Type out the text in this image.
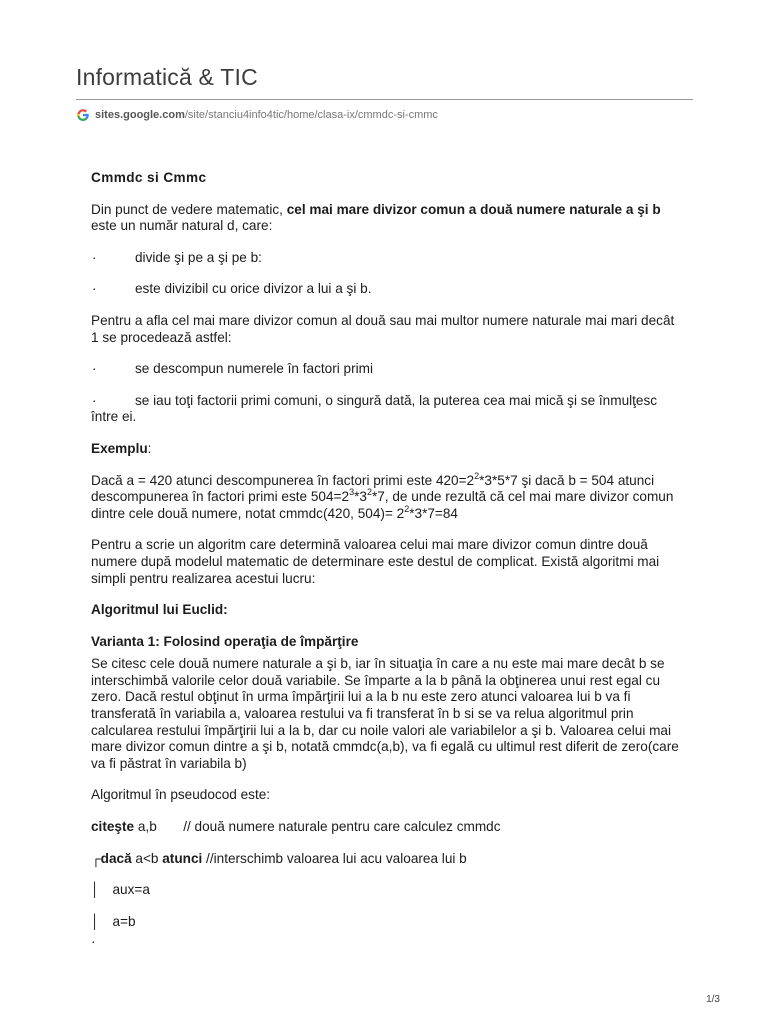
Informatică & TIC
sites.google.com /site/stanciu4info4tic/home/clasa-ix/cmmdc-si-cmmc

Cmmdc si Cmmc

Din punct de vedere matematic, cel mai mare divizor comun a două numere naturale a şi b este un număr natural d, care:

·	divide şi pe a şi pe b:
·	este divizibil cu orice divizor a lui a şi b.

Pentru a afla cel mai mare divizor comun al două sau mai multor numere naturale mai mari decât 1 se procedează astfel:

·	se descompun numerele în factori primi
·	se iau toţi factorii primi comuni, o singură dată, la puterea cea mai mică şi se înmulţesc între ei.

Exemplu:

Dacă a = 420 atunci descompunerea în factori primi este $420=2^2*3*5*7$ şi dacă b = 504 atunci descompunerea în factori primi este $504=2^3*3^2*7$, de unde rezultă că cel mai mare divizor comun dintre cele două numere, notat cmmdc(420, $504)= 2^2*3*7=84$

Pentru a scrie un algoritm care determină valoarea celui mai mare divizor comun dintre două numere după modelul matematic de determinare este destul de complicat. Există algoritmi mai simpli pentru realizarea acestui lucru:

Algoritmul lui Euclid:

Varianta 1: Folosind operaţia de împărţire

Se citesc cele două numere naturale a şi b, iar în situaţia în care a nu este mai mare decât b se interschimbă valorile celor două variabile. Se împarte a la b până la obţinerea unui rest egal cu zero. Dacă restul obţinut în urma împărţirii lui a la b nu este zero atunci valoarea lui b va fi transferată în variabila a, valoarea restului va fi transferat în b si se va relua algoritmul prin calcularea restului împărţirii lui a la b, dar cu noile valori ale variabilelor a şi b. Valoarea celui mai mare divizor comun dintre a şi b, notată cmmdc(a,b), va fi egală cu ultimul rest diferit de zero(care va fi păstrat în variabila b)

Algoritmul în pseudocod este:

citeşte a,b       // două numere naturale pentru care calculez cmmdc

┌dacă a<b atunci //interschimb valoarea lui acu valoarea lui b

│ aux=a

│ a=b

·

1/3
